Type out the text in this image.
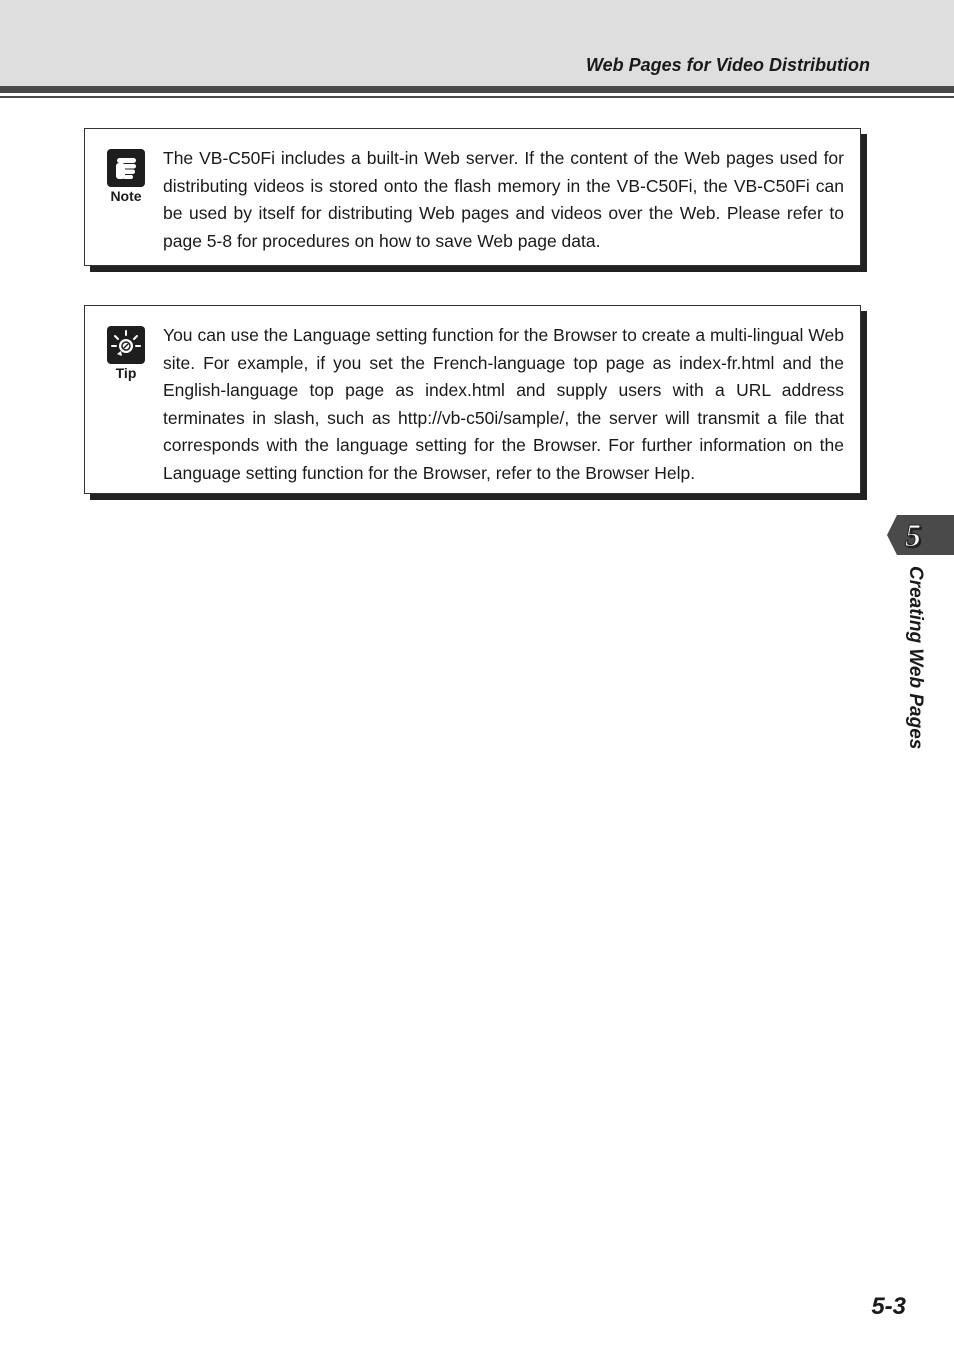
Web Pages for Video Distribution
Note
The VB-C50Fi includes a built-in Web server. If the content of the Web pages used for distributing videos is stored onto the flash memory in the VB-C50Fi, the VB-C50Fi can be used by itself for distributing Web pages and videos over the Web. Please refer to page 5-8 for procedures on how to save Web page data.
Tip
You can use the Language setting function for the Browser to create a multi-lingual Web site. For example, if you set the French-language top page as index-fr.html and the English-language top page as index.html and supply users with a URL address terminates in slash, such as http://vb-c50i/sample/, the server will transmit a file that corresponds with the language setting for the Browser. For further information on the Language setting function for the Browser, refer to the Browser Help.
5
Creating Web Pages
5-3
